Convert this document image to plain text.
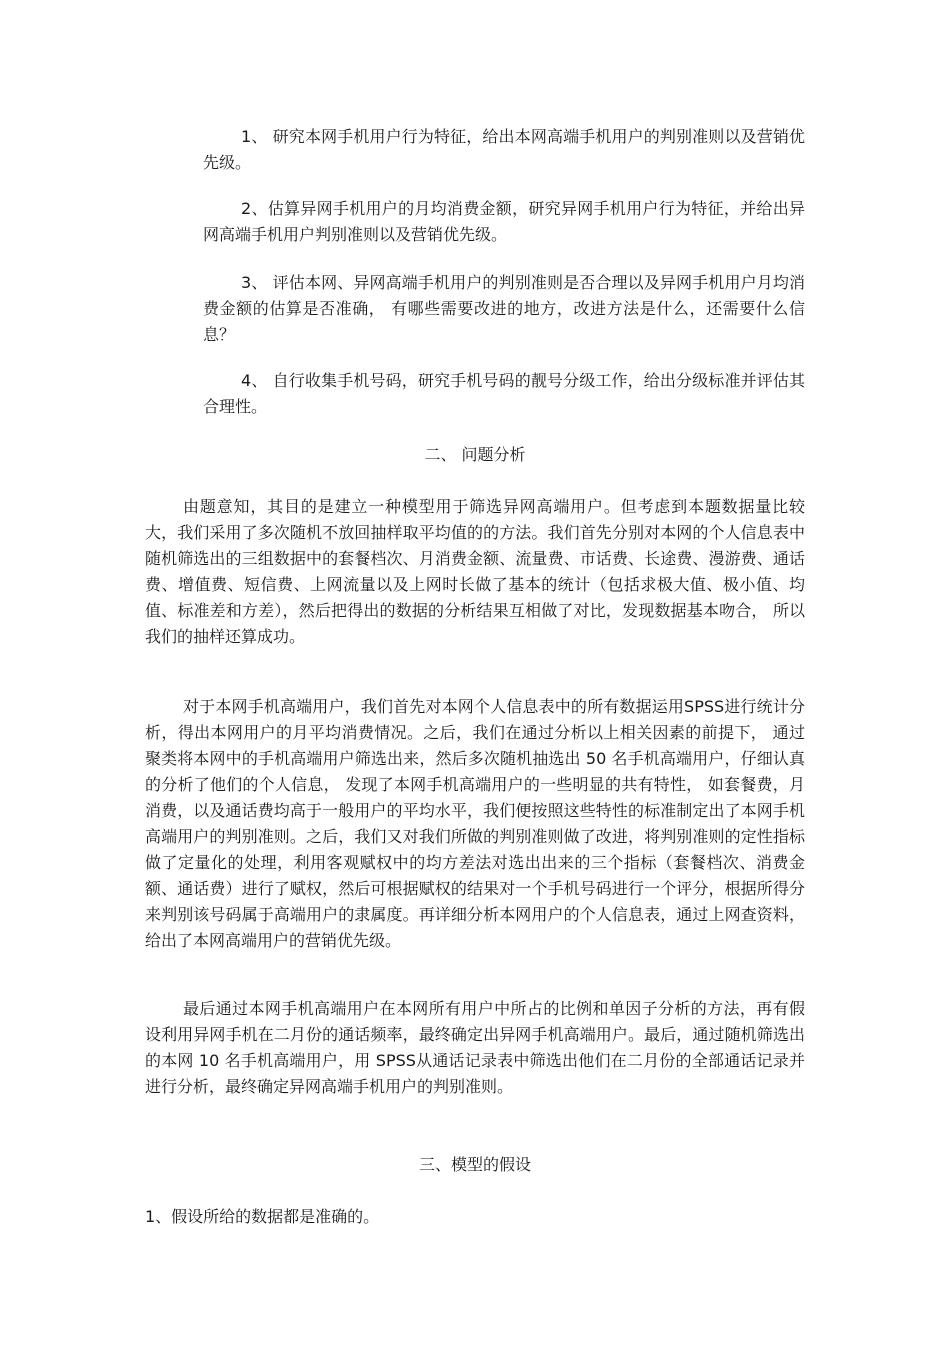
1、 研究本网手机用户行为特征，给出本网高端手机用户的判别准则以及营销优先级。

2、估算异网手机用户的月均消费金额，研究异网手机用户行为特征，并给出异网高端手机用户判别准则以及营销优先级。

3、 评估本网、异网高端手机用户的判别准则是否合理以及异网手机用户月均消费金额的估算是否准确， 有哪些需要改进的地方，改进方法是什么，还需要什么信息？

4、 自行收集手机号码，研究手机号码的靓号分级工作，给出分级标准并评估其合理性。

二、 问题分析

由题意知，其目的是建立一种模型用于筛选异网高端用户。但考虑到本题数据量比较大，我们采用了多次随机不放回抽样取平均值的的方法。我们首先分别对本网的个人信息表中随机筛选出的三组数据中的套餐档次、月消费金额、流量费、市话费、长途费、漫游费、通话费、增值费、短信费、上网流量以及上网时长做了基本的统计（包括求极大值、极小值、均值、标准差和方差），然后把得出的数据的分析结果互相做了对比，发现数据基本吻合， 所以我们的抽样还算成功。

对于本网手机高端用户，我们首先对本网个人信息表中的所有数据运用SPSS进行统计分析，得出本网用户的月平均消费情况。之后，我们在通过分析以上相关因素的前提下， 通过聚类将本网中的手机高端用户筛选出来，然后多次随机抽选出 50 名手机高端用户，仔细认真的分析了他们的个人信息， 发现了本网手机高端用户的一些明显的共有特性， 如套餐费，月消费，以及通话费均高于一般用户的平均水平，我们便按照这些特性的标准制定出了本网手机高端用户的判别准则。之后，我们又对我们所做的判别准则做了改进，将判别准则的定性指标做了定量化的处理，利用客观赋权中的均方差法对选出出来的三个指标（套餐档次、消费金额、通话费）进行了赋权，然后可根据赋权的结果对一个手机号码进行一个评分，根据所得分来判别该号码属于高端用户的隶属度。再详细分析本网用户的个人信息表，通过上网查资料， 给出了本网高端用户的营销优先级。

最后通过本网手机高端用户在本网所有用户中所占的比例和单因子分析的方法，再有假设利用异网手机在二月份的通话频率，最终确定出异网手机高端用户。最后，通过随机筛选出的本网 10 名手机高端用户，用 SPSS从通话记录表中筛选出他们在二月份的全部通话记录并进行分析，最终确定异网高端手机用户的判别准则。

三、模型的假设

1、假设所给的数据都是准确的。
